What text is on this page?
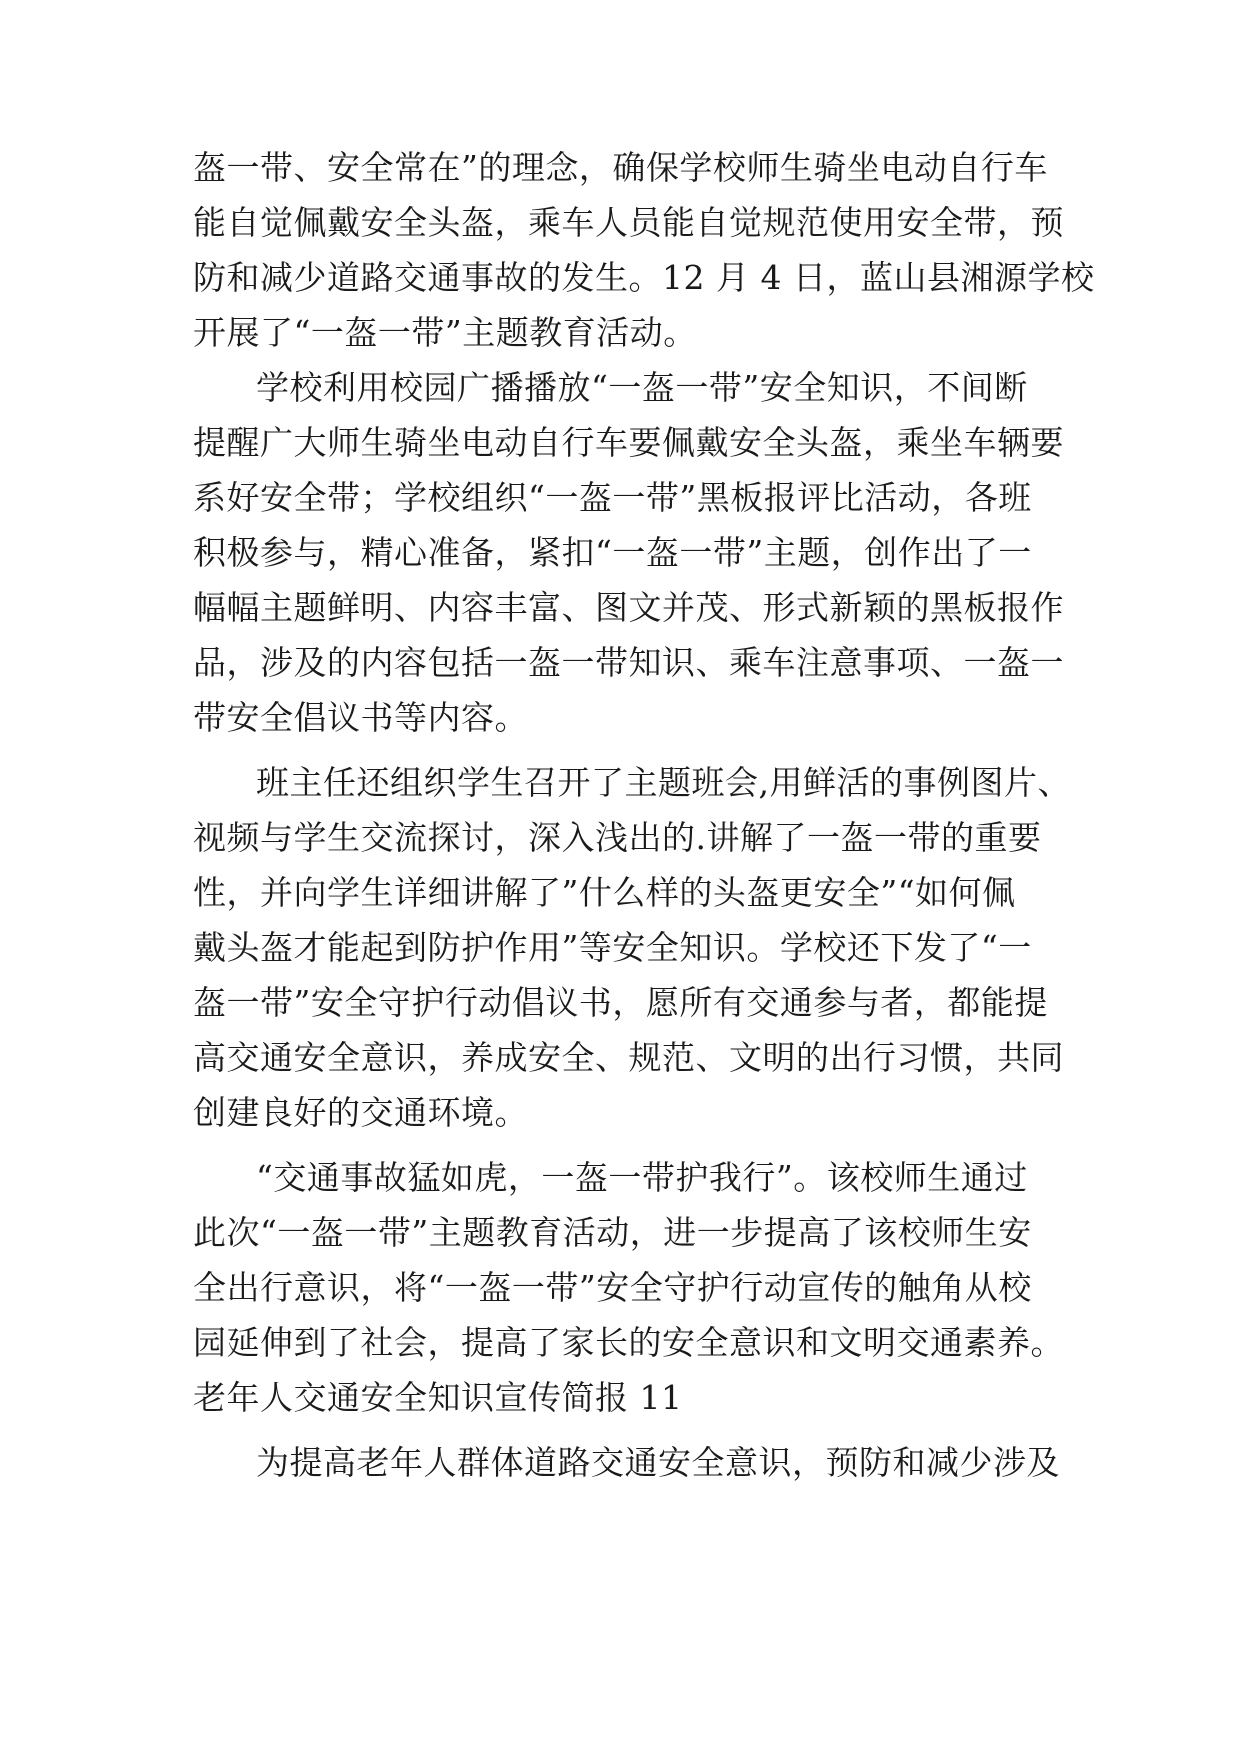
盔一带、安全常在”的理念，确保学校师生骑坐电动自行车
能自觉佩戴安全头盔，乘车人员能自觉规范使用安全带，预
防和减少道路交通事故的发生。12 月 4 日，蓝山县湘源学校
开展了“一盔一带”主题教育活动。
学校利用校园广播播放“一盔一带”安全知识，不间断
提醒广大师生骑坐电动自行车要佩戴安全头盔，乘坐车辆要
系好安全带；学校组织“一盔一带”黑板报评比活动，各班
积极参与，精心准备，紧扣“一盔一带”主题，创作出了一
幅幅主题鲜明、内容丰富、图文并茂、形式新颖的黑板报作
品，涉及的内容包括一盔一带知识、乘车注意事项、一盔一
带安全倡议书等内容。
班主任还组织学生召开了主题班会,用鲜活的事例图片、
视频与学生交流探讨，深入浅出的.讲解了一盔一带的重要
性，并向学生详细讲解了”什么样的头盔更安全”“如何佩
戴头盔才能起到防护作用”等安全知识。学校还下发了“一
盔一带”安全守护行动倡议书，愿所有交通参与者，都能提
高交通安全意识，养成安全、规范、文明的出行习惯，共同
创建良好的交通环境。
“交通事故猛如虎，一盔一带护我行”。该校师生通过
此次“一盔一带”主题教育活动，进一步提高了该校师生安
全出行意识，将“一盔一带”安全守护行动宣传的触角从校
园延伸到了社会，提高了家长的安全意识和文明交通素养。
老年人交通安全知识宣传简报 11
为提高老年人群体道路交通安全意识，预防和减少涉及
